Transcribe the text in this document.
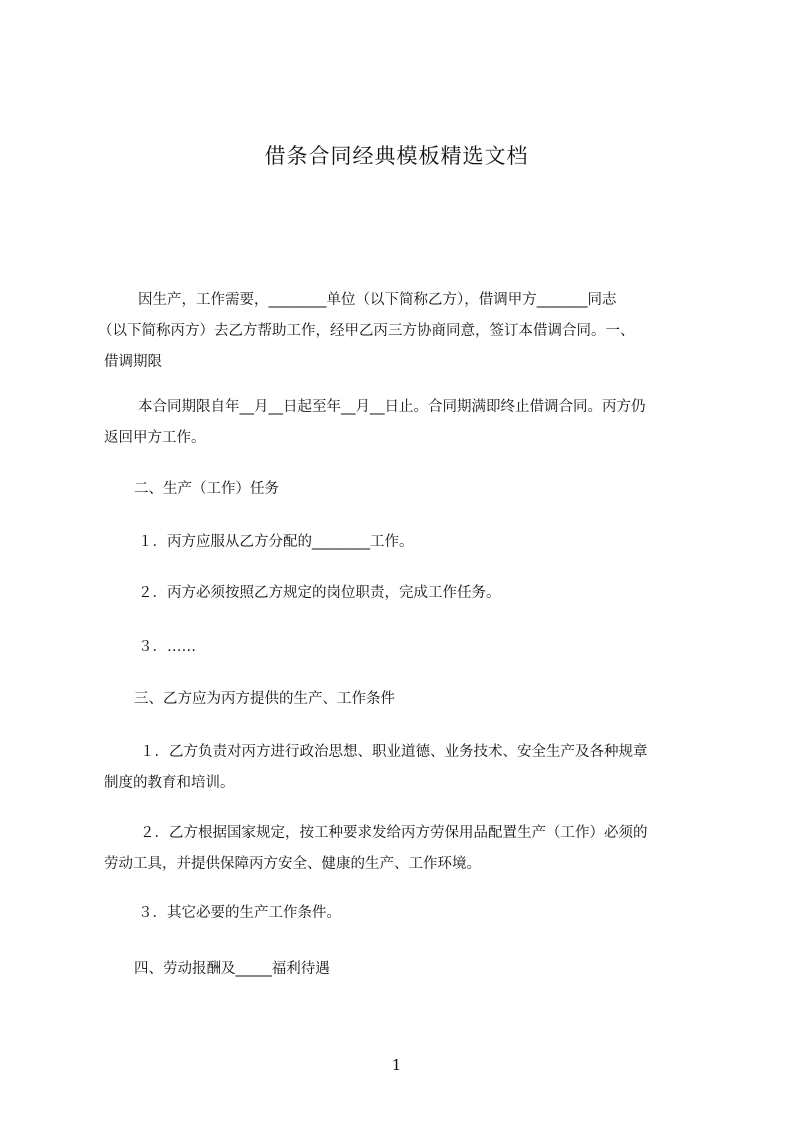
借条合同经典模板精选文档
因生产，工作需要，________单位（以下简称乙方），借调甲方_______同志
（以下简称丙方）去乙方帮助工作，经甲乙丙三方协商同意，签订本借调合同。一、
借调期限
本合同期限自年__月__日起至年__月__日止。合同期满即终止借调合同。丙方仍
返回甲方工作。
二、生产（工作）任务
１．丙方应服从乙方分配的________工作。
２．丙方必须按照乙方规定的岗位职责，完成工作任务。
３．……
三、乙方应为丙方提供的生产、工作条件
１．乙方负责对丙方进行政治思想、职业道德、业务技术、安全生产及各种规章
制度的教育和培训。
２．乙方根据国家规定，按工种要求发给丙方劳保用品配置生产（工作）必须的
劳动工具，并提供保障丙方安全、健康的生产、工作环境。
３．其它必要的生产工作条件。
四、劳动报酬及_____福利待遇
1
